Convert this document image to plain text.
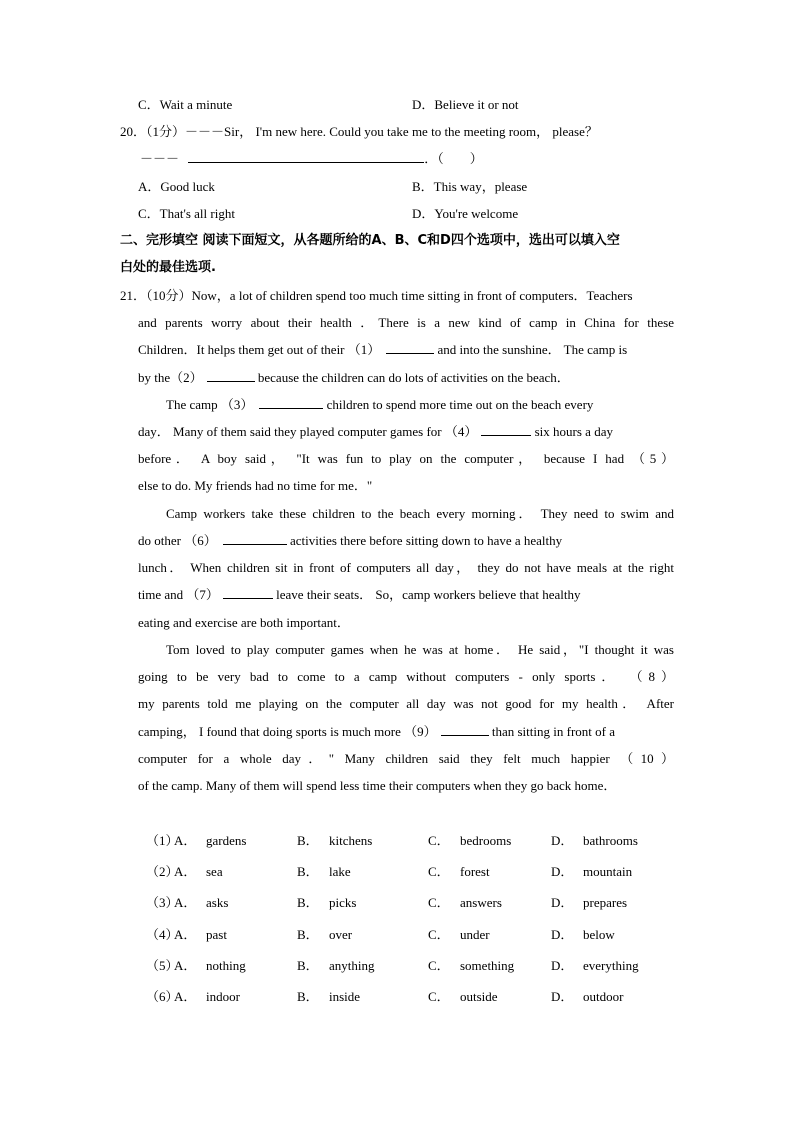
C．Wait a minute	D．Believe it or not
20．（1分）－－－Sir， I'm new here. Could you take me to the meeting room， please？
－－－	．（　　）
A．Good luck	B．This way，please
C．That's all right	D．You're welcome
二、完形填空 阅读下面短文，从各题所给的A、B、C和D四个选项中，选出可以填入空
白处的最佳选项.
21．（10分）Now，a lot of children spend too much time sitting in front of computers．Teachers
and parents worry about their health ．There is a new kind of camp in China for these
Children．It helps them get out of their （1）	and into the sunshine． The camp is
by the（2）	because the children can do lots of activities on the beach．
The camp （3）	children to spend more time out on the beach every
day． Many of them said they played computer games for （4）	six hours a day
before． A boy said， "It was fun to play on the computer， because I had （5）
else to do. My friends had no time for me．"
Camp workers take these children to the beach every morning． They need to swim and
do other （6）	activities there before sitting down to have a healthy
lunch． When children sit in front of computers all day， they do not have meals at the right
time and （7）	leave their seats． So，camp workers believe that healthy
eating and exercise are both important．
Tom loved to play computer games when he was at home． He said，"I thought it was
going to be very bad to come to a camp without computers - only sports． （8）
my parents told me playing on the computer all day was not good for my health． After
camping， I found that doing sports is much more （9）	than sitting in front of a
computer for a whole day．" Many children said they felt much happier （10）
of the camp. Many of them will spend less time their computers when they go back home．
（1）
A． gardens	B． kitchens	C． bedrooms	D． bathrooms
（2）
A． sea	B． lake	C． forest	D． mountain
（3）
A． asks	B． picks	C． answers	D． prepares
（4）
A． past	B． over	C． under	D． below
（5）
A． nothing	B． anything	C． something	D． everything
（6）
A． indoor	B． inside	C． outside	D． outdoor
